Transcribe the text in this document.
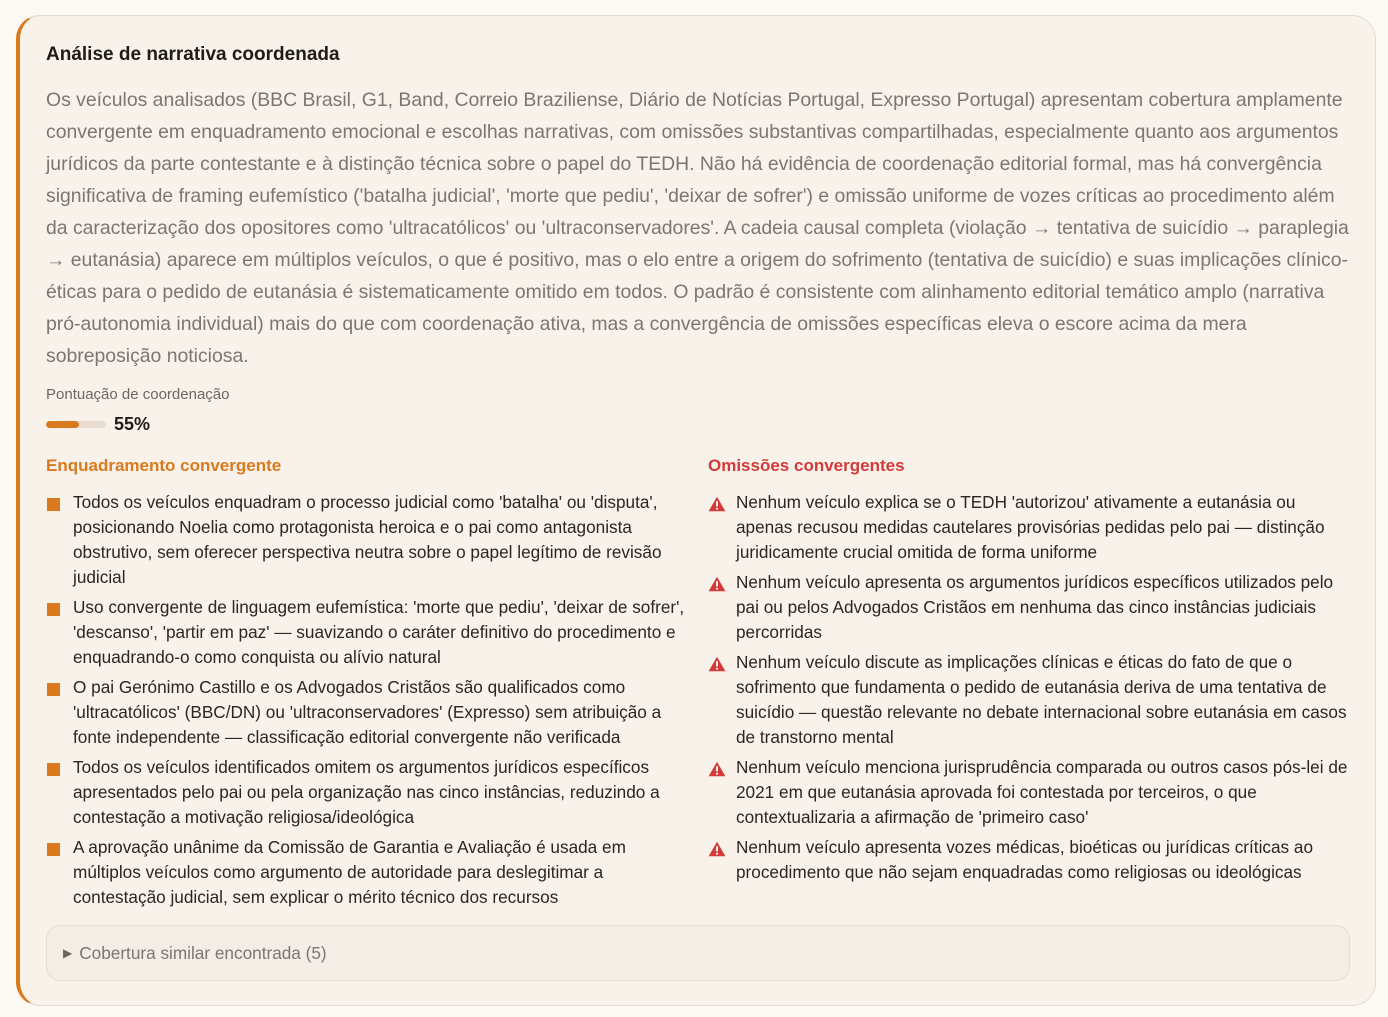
Análise de narrativa coordenada

Os veículos analisados (BBC Brasil, G1, Band, Correio Braziliense, Diário de Notícias Portugal, Expresso Portugal) apresentam cobertura amplamente convergente em enquadramento emocional e escolhas narrativas, com omissões substantivas compartilhadas, especialmente quanto aos argumentos jurídicos da parte contestante e à distinção técnica sobre o papel do TEDH. Não há evidência de coordenação editorial formal, mas há convergência significativa de framing eufemístico ('batalha judicial', 'morte que pediu', 'deixar de sofrer') e omissão uniforme de vozes críticas ao procedimento além da caracterização dos opositores como 'ultracatólicos' ou 'ultraconservadores'. A cadeia causal completa (violação → tentativa de suicídio → paraplegia → eutanásia) aparece em múltiplos veículos, o que é positivo, mas o elo entre a origem do sofrimento (tentativa de suicídio) e suas implicações clínico-éticas para o pedido de eutanásia é sistematicamente omitido em todos. O padrão é consistente com alinhamento editorial temático amplo (narrativa pró-autonomia individual) mais do que com coordenação ativa, mas a convergência de omissões específicas eleva o escore acima da mera sobreposição noticiosa.

Pontuação de coordenação
55%
Enquadramento convergente
Todos os veículos enquadram o processo judicial como 'batalha' ou 'disputa', posicionando Noelia como protagonista heroica e o pai como antagonista obstrutivo, sem oferecer perspectiva neutra sobre o papel legítimo de revisão judicial
Uso convergente de linguagem eufemística: 'morte que pediu', 'deixar de sofrer', 'descanso', 'partir em paz' — suavizando o caráter definitivo do procedimento e enquadrando-o como conquista ou alívio natural
O pai Gerónimo Castillo e os Advogados Cristãos são qualificados como 'ultracatólicos' (BBC/DN) ou 'ultraconservadores' (Expresso) sem atribuição a fonte independente — classificação editorial convergente não verificada
Todos os veículos identificados omitem os argumentos jurídicos específicos apresentados pelo pai ou pela organização nas cinco instâncias, reduzindo a contestação a motivação religiosa/ideológica
A aprovação unânime da Comissão de Garantia e Avaliação é usada em múltiplos veículos como argumento de autoridade para deslegitimar a contestação judicial, sem explicar o mérito técnico dos recursos
Omissões convergentes
Nenhum veículo explica se o TEDH 'autorizou' ativamente a eutanásia ou apenas recusou medidas cautelares provisórias pedidas pelo pai — distinção juridicamente crucial omitida de forma uniforme
Nenhum veículo apresenta os argumentos jurídicos específicos utilizados pelo pai ou pelos Advogados Cristãos em nenhuma das cinco instâncias judiciais percorridas
Nenhum veículo discute as implicações clínicas e éticas do fato de que o sofrimento que fundamenta o pedido de eutanásia deriva de uma tentativa de suicídio — questão relevante no debate internacional sobre eutanásia em casos de transtorno mental
Nenhum veículo menciona jurisprudência comparada ou outros casos pós-lei de 2021 em que eutanásia aprovada foi contestada por terceiros, o que contextualizaria a afirmação de 'primeiro caso'
Nenhum veículo apresenta vozes médicas, bioéticas ou jurídicas críticas ao procedimento que não sejam enquadradas como religiosas ou ideológicas
▶ Cobertura similar encontrada (5)
